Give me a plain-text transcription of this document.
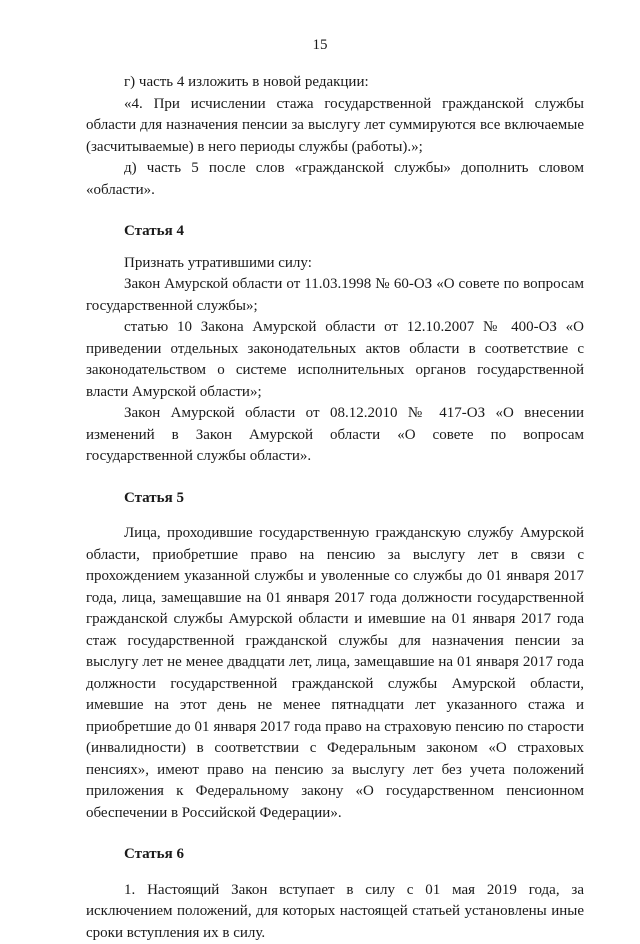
15

г) часть 4 изложить в новой редакции:

«4. При исчислении стажа государственной гражданской службы области для назначения пенсии за выслугу лет суммируются все включаемые (засчитываемые) в него периоды службы (работы).»;

д) часть 5 после слов «гражданской службы» дополнить словом «области».

Статья 4

Признать утратившими силу:

Закон Амурской области от 11.03.1998 № 60-ОЗ «О совете по вопросам государственной службы»;

статью 10 Закона Амурской области от 12.10.2007 № 400-ОЗ «О приведении отдельных законодательных актов области в соответствие с законодательством о системе исполнительных органов государственной власти Амурской области»;

Закон Амурской области от 08.12.2010 № 417-ОЗ «О внесении изменений в Закон Амурской области «О совете по вопросам государственной службы области».

Статья 5

Лица, проходившие государственную гражданскую службу Амурской области, приобретшие право на пенсию за выслугу лет в связи с прохождением указанной службы и уволенные со службы до 01 января 2017 года, лица, замещавшие на 01 января 2017 года должности государственной гражданской службы Амурской области и имевшие на 01 января 2017 года стаж государственной гражданской службы для назначения пенсии за выслугу лет не менее двадцати лет, лица, замещавшие на 01 января 2017 года должности государственной гражданской службы Амурской области, имевшие на этот день не менее пятнадцати лет указанного стажа и приобретшие до 01 января 2017 года право на страховую пенсию по старости (инвалидности) в соответствии с Федеральным законом «О страховых пенсиях», имеют право на пенсию за выслугу лет без учета положений приложения к Федеральному закону «О государственном пенсионном обеспечении в Российской Федерации».

Статья 6

1. Настоящий Закон вступает в силу с 01 мая 2019 года, за исключением положений, для которых настоящей статьей установлены иные сроки вступления их в силу.
